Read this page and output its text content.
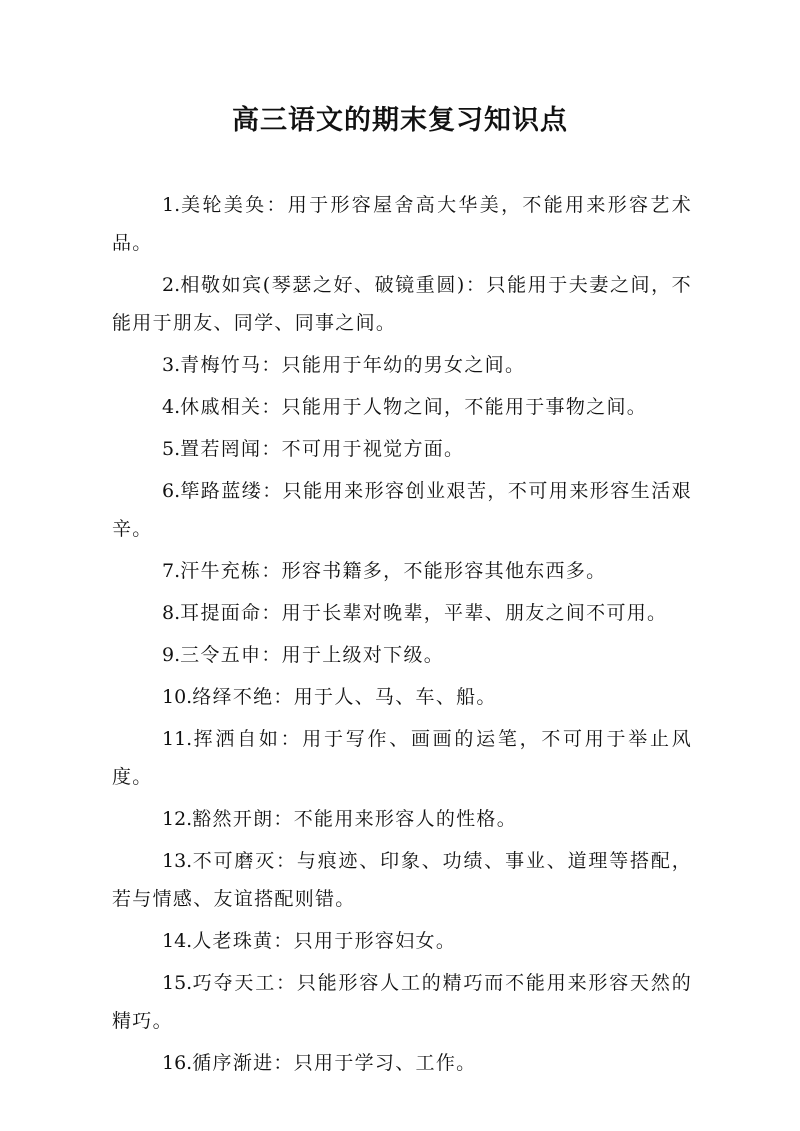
高三语文的期末复习知识点

1.美轮美奂：用于形容屋舍高大华美，不能用来形容艺术品。

2.相敬如宾(琴瑟之好、破镜重圆)：只能用于夫妻之间，不能用于朋友、同学、同事之间。

3.青梅竹马：只能用于年幼的男女之间。

4.休戚相关：只能用于人物之间，不能用于事物之间。

5.置若罔闻：不可用于视觉方面。

6.筚路蓝缕：只能用来形容创业艰苦，不可用来形容生活艰辛。

7.汗牛充栋：形容书籍多，不能形容其他东西多。

8.耳提面命：用于长辈对晚辈，平辈、朋友之间不可用。

9.三令五申：用于上级对下级。

10.络绎不绝：用于人、马、车、船。

11.挥洒自如：用于写作、画画的运笔，不可用于举止风度。

12.豁然开朗：不能用来形容人的性格。

13.不可磨灭：与痕迹、印象、功绩、事业、道理等搭配，若与情感、友谊搭配则错。

14.人老珠黄：只用于形容妇女。

15.巧夺天工：只能形容人工的精巧而不能用来形容天然的精巧。

16.循序渐进：只用于学习、工作。
